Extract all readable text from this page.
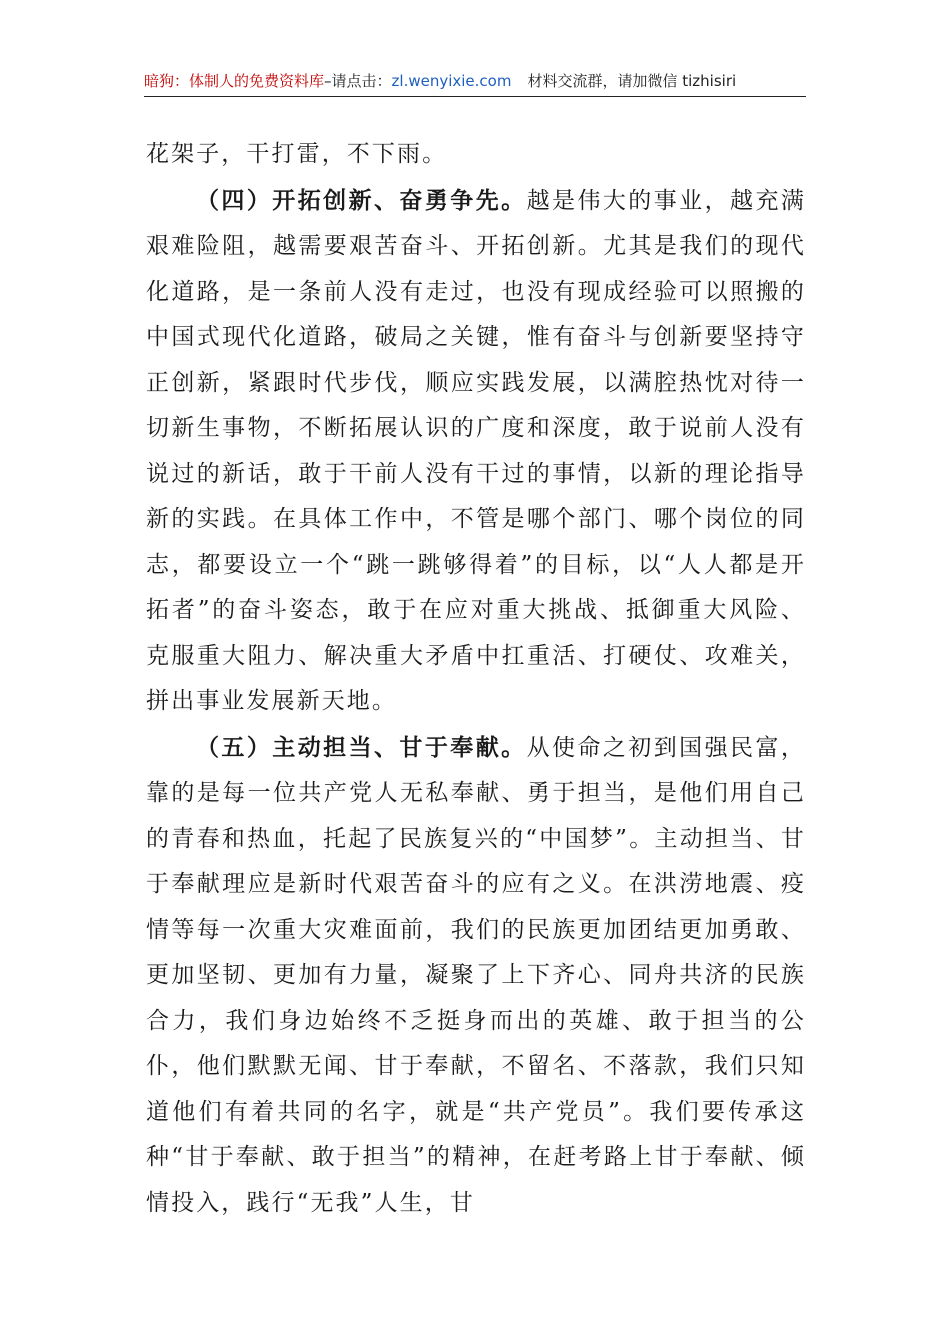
暗狗：体制人的免费资料库–请点击：zl.wenyixie.com 材料交流群，请加微信 tizhisiri

花架子，干打雷，不下雨。

（四）开拓创新、奋勇争先。越是伟大的事业，越充满艰难险阻，越需要艰苦奋斗、开拓创新。尤其是我们的现代化道路，是一条前人没有走过，也没有现成经验可以照搬的中国式现代化道路，破局之关键，惟有奋斗与创新要坚持守正创新，紧跟时代步伐，顺应实践发展，以满腔热忱对待一切新生事物，不断拓展认识的广度和深度，敢于说前人没有说过的新话，敢于干前人没有干过的事情，以新的理论指导新的实践。在具体工作中，不管是哪个部门、哪个岗位的同志，都要设立一个“跳一跳够得着”的目标，以“人人都是开拓者”的奋斗姿态，敢于在应对重大挑战、抵御重大风险、克服重大阻力、解决重大矛盾中扛重活、打硬仗、攻难关，拼出事业发展新天地。

（五）主动担当、甘于奉献。从使命之初到国强民富，靠的是每一位共产党人无私奉献、勇于担当，是他们用自己的青春和热血，托起了民族复兴的“中国梦”。主动担当、甘于奉献理应是新时代艰苦奋斗的应有之义。在洪涝地震、疫情等每一次重大灾难面前，我们的民族更加团结更加勇敢、更加坚韧、更加有力量，凝聚了上下齐心、同舟共济的民族合力，我们身边始终不乏挺身而出的英雄、敢于担当的公仆，他们默默无闻、甘于奉献，不留名、不落款，我们只知道他们有着共同的名字，就是“共产党员”。我们要传承这种“甘于奉献、敢于担当”的精神，在赶考路上甘于奉献、倾情投入，践行“无我”人生，甘
